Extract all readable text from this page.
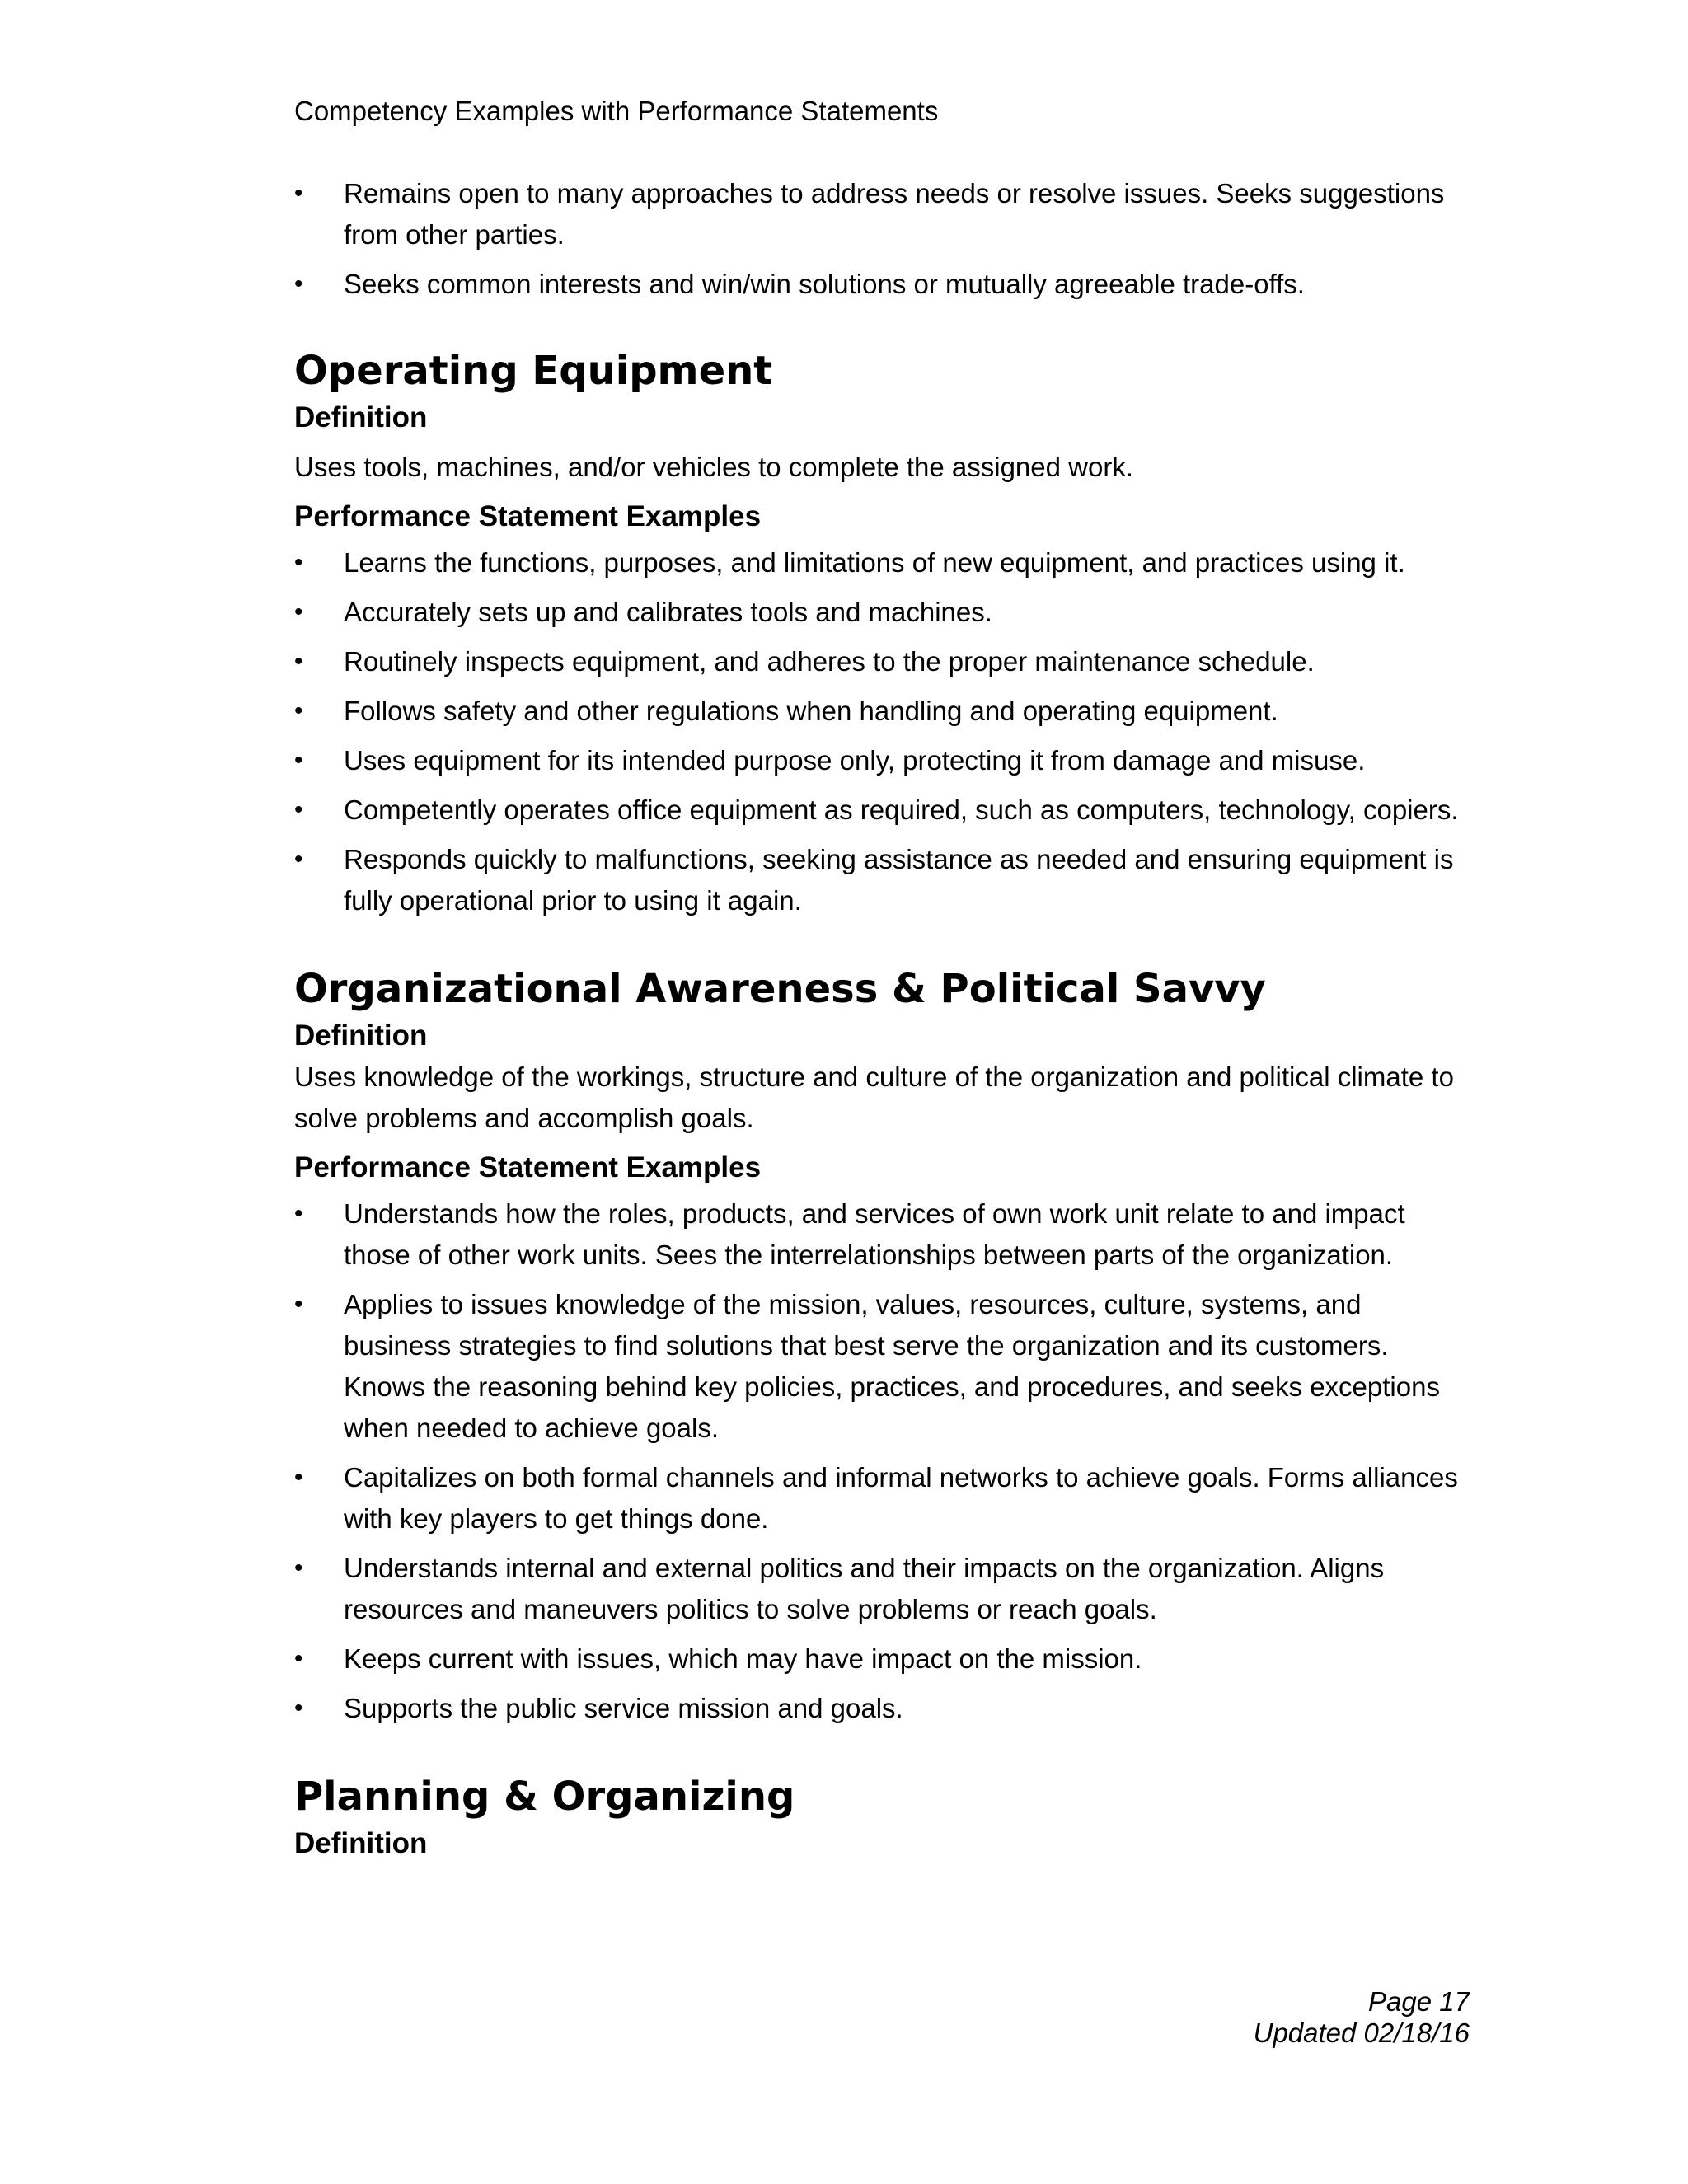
Competency Examples with Performance Statements

•	Remains open to many approaches to address needs or resolve issues. Seeks suggestions from other parties.
•	Seeks common interests and win/win solutions or mutually agreeable trade-offs.
Operating Equipment
Definition

Uses tools, machines, and/or vehicles to complete the assigned work.

Performance Statement Examples
•	Learns the functions, purposes, and limitations of new equipment, and practices using it.
•	Accurately sets up and calibrates tools and machines.
•	Routinely inspects equipment, and adheres to the proper maintenance schedule.
•	Follows safety and other regulations when handling and operating equipment.
•	Uses equipment for its intended purpose only, protecting it from damage and misuse.
•	Competently operates office equipment as required, such as computers, technology, copiers.
•	Responds quickly to malfunctions, seeking assistance as needed and ensuring equipment is fully operational prior to using it again.
Organizational Awareness & Political Savvy
Definition

Uses knowledge of the workings, structure and culture of the organization and political climate to solve problems and accomplish goals.

Performance Statement Examples
•	Understands how the roles, products, and services of own work unit relate to and impact those of other work units. Sees the interrelationships between parts of the organization.
•	Applies to issues knowledge of the mission, values, resources, culture, systems, and business strategies to find solutions that best serve the organization and its customers. Knows the reasoning behind key policies, practices, and procedures, and seeks exceptions when needed to achieve goals.
•	Capitalizes on both formal channels and informal networks to achieve goals. Forms alliances with key players to get things done.
•	Understands internal and external politics and their impacts on the organization. Aligns resources and maneuvers politics to solve problems or reach goals.
•	Keeps current with issues, which may have impact on the mission.
•	Supports the public service mission and goals.
Planning & Organizing
Definition
Page 17
Updated 02/18/16
